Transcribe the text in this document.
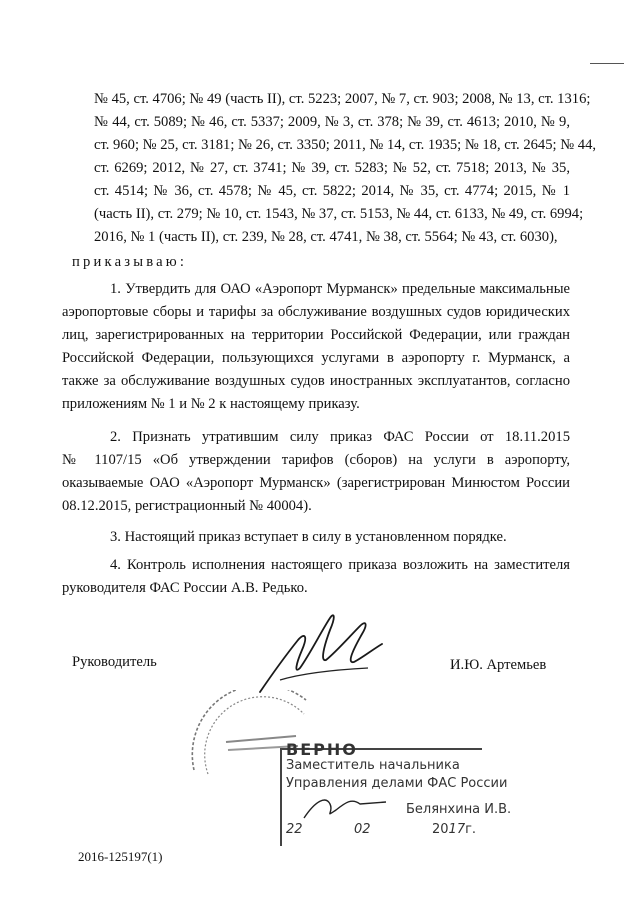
№ 45, ст. 4706; № 49 (часть II), ст. 5223; 2007, № 7, ст. 903; 2008, № 13, ст. 1316;
№ 44, ст. 5089; № 46, ст. 5337; 2009, № 3, ст. 378; № 39, ст. 4613; 2010, № 9,
ст. 960; № 25, ст. 3181; № 26, ст. 3350; 2011, № 14, ст. 1935; № 18, ст. 2645; № 44,
ст. 6269; 2012, № 27, ст. 3741; № 39, ст. 5283; № 52, ст. 7518; 2013, № 35,
ст. 4514; № 36, ст. 4578; № 45, ст. 5822; 2014, № 35, ст. 4774; 2015, № 1
(часть II), ст. 279; № 10, ст. 1543, № 37, ст. 5153, № 44, ст. 6133, № 49, ст. 6994;
2016, № 1 (часть II), ст. 239, № 28, ст. 4741, № 38, ст. 5564; № 43, ст. 6030),
приказываю:
1. Утвердить для ОАО «Аэропорт Мурманск» предельные максимальные
аэропортовые сборы и тарифы за обслуживание воздушных судов юридических
лиц, зарегистрированных на территории Российской Федерации, или граждан
Российской Федерации, пользующихся услугами в аэропорту г. Мурманск, а
также за обслуживание воздушных судов иностранных эксплуатантов, согласно
приложениям № 1 и № 2 к настоящему приказу.
2. Признать утратившим силу приказ ФАС России от 18.11.2015
№ 1107/15 «Об утверждении тарифов (сборов) на услуги в аэропорту,
оказываемые ОАО «Аэропорт Мурманск» (зарегистрирован Минюстом России
08.12.2015, регистрационный № 40004).
3. Настоящий приказ вступает в силу в установленном порядке.
4. Контроль исполнения настоящего приказа возложить на заместителя
руководителя ФАС России А.В. Редько.
Руководитель	И.Ю. Артемьев
ВЕРНО
Заместитель начальника
Управления делами ФАС России
Белянхина И.В.
22	02	2017г.
2016-125197(1)
